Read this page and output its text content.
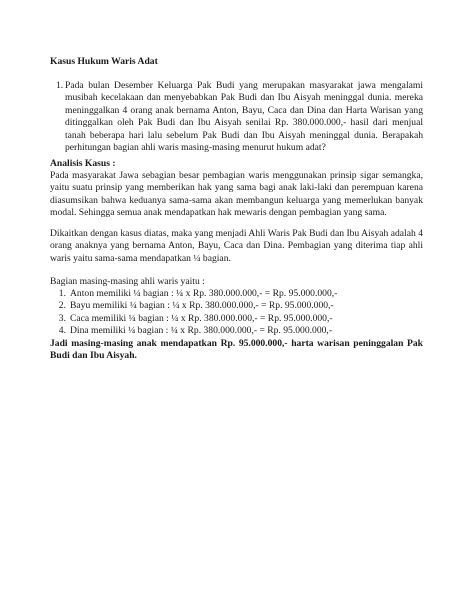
Kasus Hukum Waris Adat
1. Pada bulan Desember Keluarga Pak Budi yang merupakan masyarakat jawa mengalami musibah kecelakaan dan menyebabkan Pak Budi dan Ibu Aisyah meninggal dunia. mereka meninggalkan 4 orang anak bernama Anton, Bayu, Caca dan Dina dan Harta Warisan yang ditinggalkan oleh Pak Budi dan Ibu Aisyah senilai Rp. 380.000.000,- hasil dari menjual tanah beberapa hari lalu sebelum Pak Budi dan Ibu Aisyah meninggal dunia. Berapakah perhitungan bagian ahli waris masing-masing menurut hukum adat?

Analisis Kasus :

Pada masyarakat Jawa sebagian besar pembagian waris menggunakan prinsip sigar semangka, yaitu suatu prinsip yang memberikan hak yang sama bagi anak laki-laki dan perempuan karena diasumsikan bahwa keduanya sama-sama akan membangun keluarga yang memerlukan banyak modal. Sehingga semua anak mendapatkan hak mewaris dengan pembagian yang sama.

Dikaitkan dengan kasus diatas, maka yang menjadi Ahli Waris Pak Budi dan Ibu Aisyah adalah 4 orang anaknya yang bernama Anton, Bayu, Caca dan Dina. Pembagian yang diterima tiap ahli waris yaitu sama-sama mendapatkan ¼ bagian.

Bagian masing-masing ahli waris yaitu :
1. Anton memiliki ¼ bagian : ¼ x Rp. 380.000.000,- = Rp. 95.000.000,-
2. Bayu memiliki ¼ bagian : ¼ x Rp. 380.000.000,- = Rp. 95.000.000,-
3. Caca memiliki ¼ bagian : ¼ x Rp. 380.000.000,- = Rp. 95.000.000,-
4. Dina memiliki ¼ bagian : ¼ x Rp. 380.000.000,- = Rp. 95.000.000,-

Jadi masing-masing anak mendapatkan Rp. 95.000.000,- harta warisan peninggalan Pak Budi dan Ibu Aisyah.
